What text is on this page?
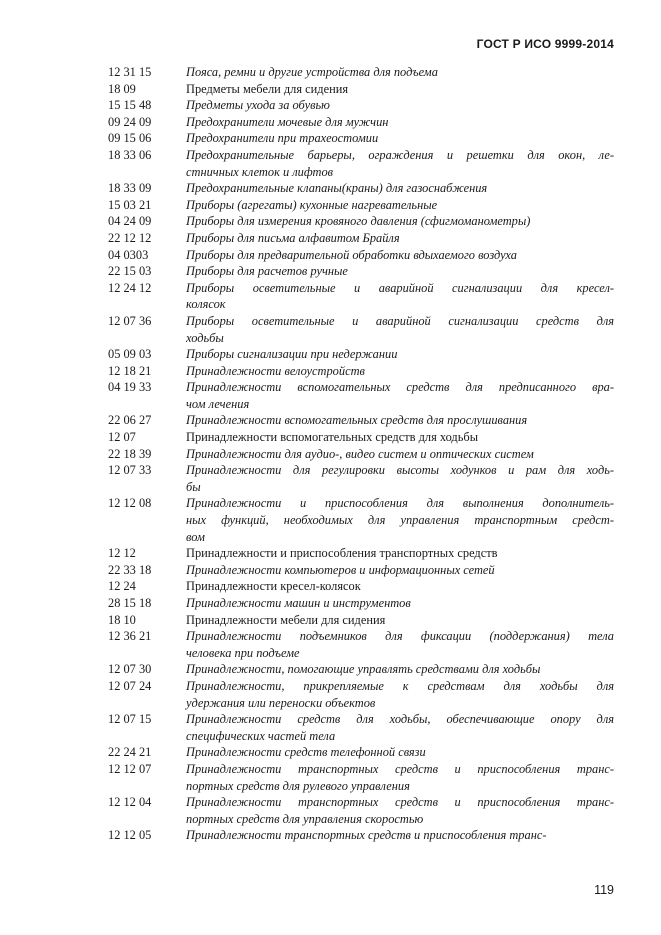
ГОСТ Р ИСО 9999-2014
12 31 15	Пояса, ремни и другие устройства для подъема
18 09	Предметы мебели для сидения
15 15 48	Предметы ухода за обувью
09 24 09	Предохранители мочевые для мужчин
09 15 06	Предохранители при трахеостомии
18 33 06	Предохранительные барьеры, ограждения и решетки для окон, ле-
стничных клеток и лифтов
18 33 09	Предохранительные клапаны(краны) для газоснабжения
15 03 21	Приборы (агрегаты) кухонные нагревательные
04 24 09	Приборы для измерения кровяного давления (сфигмоманометры)
22 12 12	Приборы для письма алфавитом Брайля
04 0303	Приборы для предварительной обработки вдыхаемого воздуха
22 15 03	Приборы для расчетов ручные
12 24 12	Приборы осветительные и аварийной сигнализации для кресел-
колясок
12 07 36	Приборы осветительные и аварийной сигнализации средств для
ходьбы
05 09 03	Приборы сигнализации при недержании
12 18 21	Принадлежности велоустройств
04 19 33	Принадлежности вспомогательных средств для предписанного вра-
чом лечения
22 06 27	Принадлежности вспомогательных средств для прослушивания
12 07	Принадлежности вспомогательных средств для ходьбы
22 18 39	Принадлежности для аудио-, видео систем и оптических систем
12 07 33	Принадлежности для регулировки высоты ходунков и рам для ходь-
бы
12 12 08	Принадлежности и приспособления для выполнения дополнитель-
ных функций, необходимых для управления транспортным средст-
вом
12 12	Принадлежности и приспособления транспортных средств
22 33 18	Принадлежности компьютеров и информационных сетей
12 24	Принадлежности кресел-колясок
28 15 18	Принадлежности машин и инструментов
18 10	Принадлежности мебели для сидения
12 36 21	Принадлежности подъемников для фиксации (поддержания) тела
человека при подъеме
12 07 30	Принадлежности, помогающие управлять средствами для ходьбы
12 07 24	Принадлежности, прикрепляемые к средствам для ходьбы для
удержания или переноски объектов
12 07 15	Принадлежности средств для ходьбы, обеспечивающие опору для
специфических частей тела
22 24 21	Принадлежности средств телефонной связи
12 12 07	Принадлежности транспортных средств и приспособления транс-
портных средств для рулевого управления
12 12 04	Принадлежности транспортных средств и приспособления транс-
портных средств для управления скоростью
12 12 05	Принадлежности транспортных средств и приспособления транс-
119
